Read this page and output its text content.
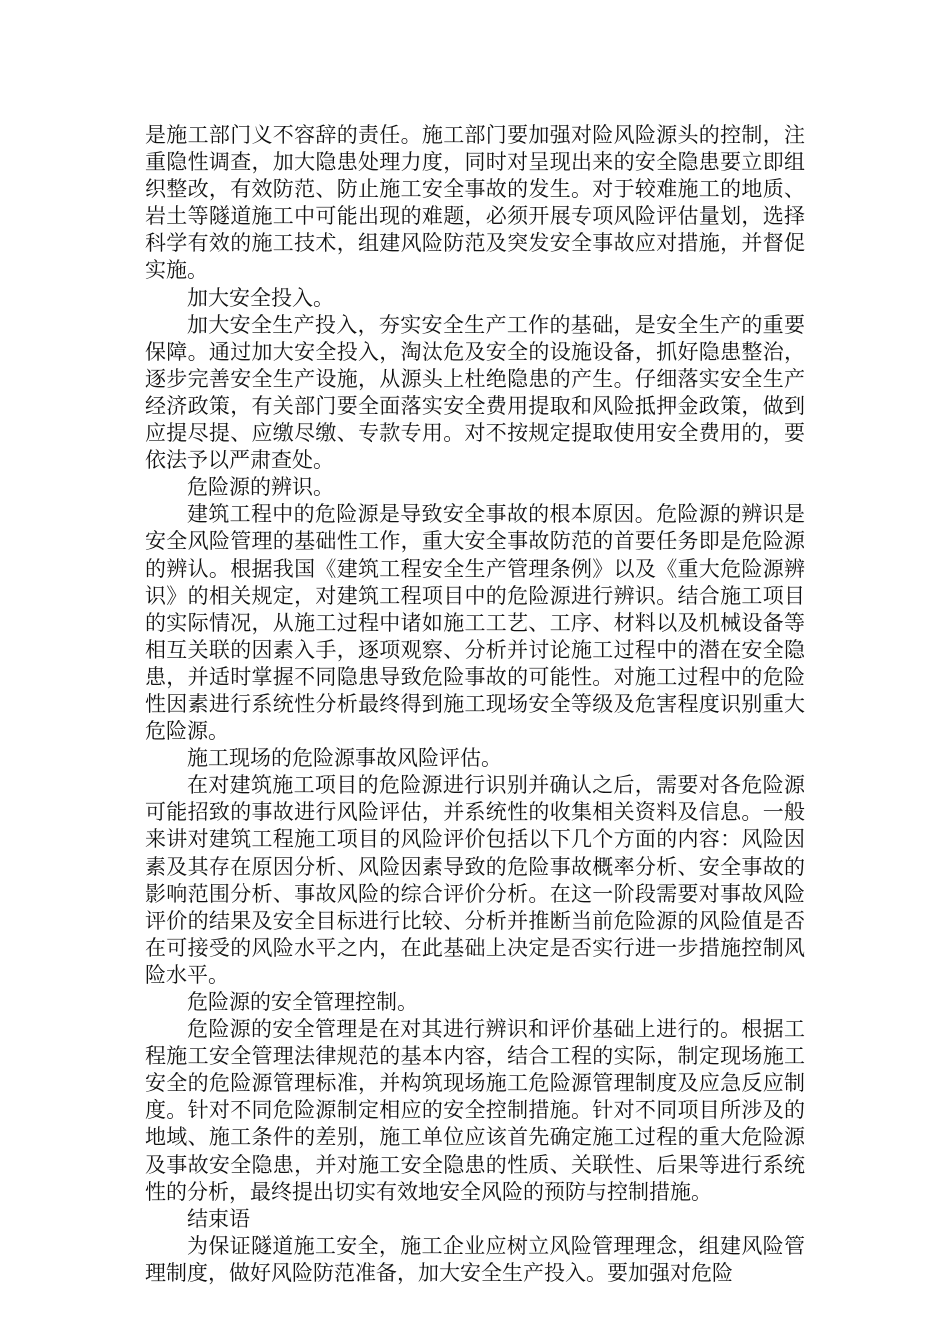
是施工部门义不容辞的责任。施工部门要加强对险风险源头的控制，注重隐性调查，加大隐患处理力度，同时对呈现出来的安全隐患要立即组织整改，有效防范、防止施工安全事故的发生。对于较难施工的地质、岩土等隧道施工中可能出现的难题，必须开展专项风险评估量划，选择科学有效的施工技术，组建风险防范及突发安全事故应对措施，并督促实施。

加大安全投入。

加大安全生产投入，夯实安全生产工作的基础，是安全生产的重要保障。通过加大安全投入，淘汰危及安全的设施设备，抓好隐患整治，逐步完善安全生产设施，从源头上杜绝隐患的产生。仔细落实安全生产经济政策，有关部门要全面落实安全费用提取和风险抵押金政策，做到应提尽提、应缴尽缴、专款专用。对不按规定提取使用安全费用的，要依法予以严肃查处。

危险源的辨识。

建筑工程中的危险源是导致安全事故的根本原因。危险源的辨识是安全风险管理的基础性工作，重大安全事故防范的首要任务即是危险源的辨认。根据我国《建筑工程安全生产管理条例》以及《重大危险源辨识》的相关规定，对建筑工程项目中的危险源进行辨识。结合施工项目的实际情况，从施工过程中诸如施工工艺、工序、材料以及机械设备等相互关联的因素入手，逐项观察、分析并讨论施工过程中的潜在安全隐患，并适时掌握不同隐患导致危险事故的可能性。对施工过程中的危险性因素进行系统性分析最终得到施工现场安全等级及危害程度识别重大危险源。

施工现场的危险源事故风险评估。

在对建筑施工项目的危险源进行识别并确认之后，需要对各危险源可能招致的事故进行风险评估，并系统性的收集相关资料及信息。一般来讲对建筑工程施工项目的风险评价包括以下几个方面的内容：风险因素及其存在原因分析、风险因素导致的危险事故概率分析、安全事故的影响范围分析、事故风险的综合评价分析。在这一阶段需要对事故风险评价的结果及安全目标进行比较、分析并推断当前危险源的风险值是否在可接受的风险水平之内，在此基础上决定是否实行进一步措施控制风险水平。

危险源的安全管理控制。

危险源的安全管理是在对其进行辨识和评价基础上进行的。根据工程施工安全管理法律规范的基本内容，结合工程的实际，制定现场施工安全的危险源管理标准，并构筑现场施工危险源管理制度及应急反应制度。针对不同危险源制定相应的安全控制措施。针对不同项目所涉及的地域、施工条件的差别，施工单位应该首先确定施工过程的重大危险源及事故安全隐患，并对施工安全隐患的性质、关联性、后果等进行系统性的分析，最终提出切实有效地安全风险的预防与控制措施。

结束语

为保证隧道施工安全，施工企业应树立风险管理理念，组建风险管理制度，做好风险防范准备，加大安全生产投入。要加强对危险
